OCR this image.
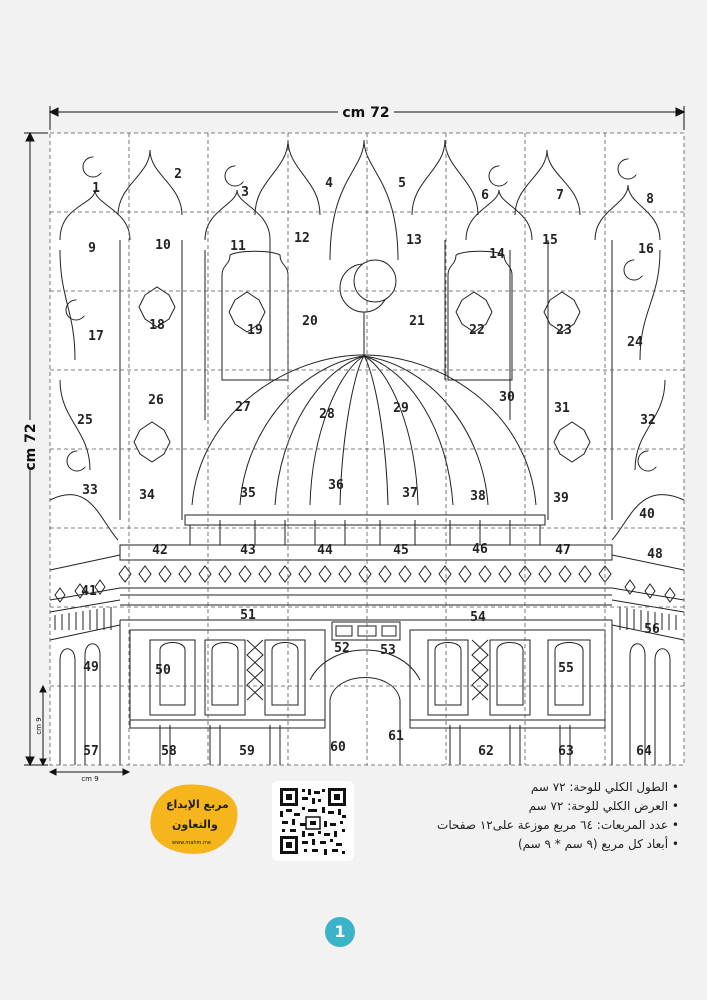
1
2
3
4	5
6	7	8
9	10	11
12	13
14
15
16
17
18	19
20	21
22	23
24
25
26	27	28	29
30
31
32
33	34	35
36
37	38	39
40
41
42	43	44	45	46	47	48
49	50
51
52 53
54
55
56
57	58	59	60
61
62	63	64
cm 72
cm 72
cm 9
cm 9
مربع الإبداع
والتعاون
www.mahm.me
• الطول الكلي للوحة: ٧٢ سم
• العرض الكلي للوحة: ٧٢ سم
• عدد المربعات: ٦٤ مربع موزعة على١٢ صفحات
• أبعاد كل مربع (٩ سم * ٩ سم)
1
